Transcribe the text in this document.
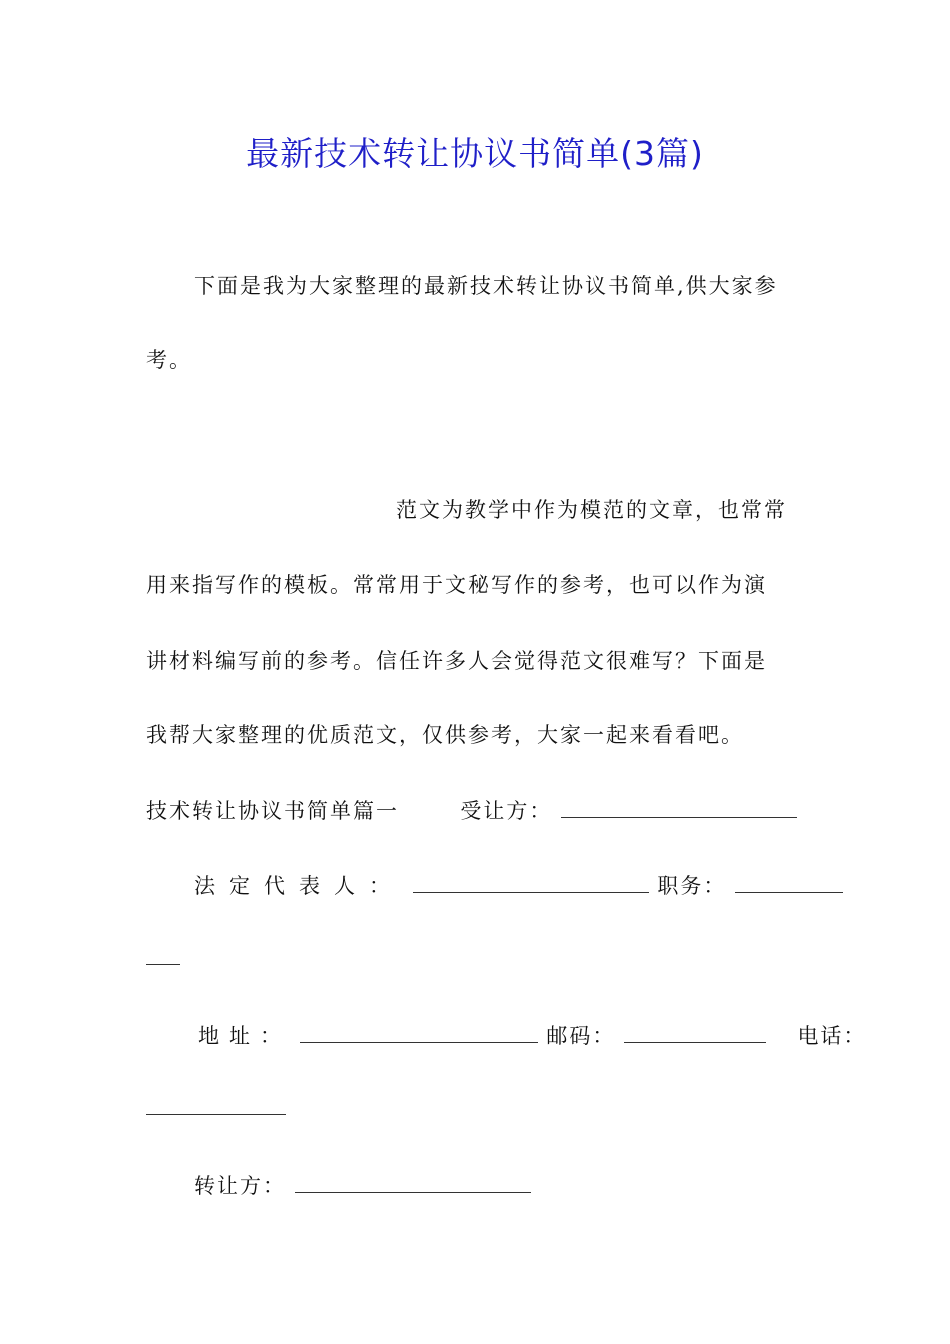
最新技术转让协议书简单(3篇)
下面是我为大家整理的最新技术转让协议书简单,供大家参
考。
范文为教学中作为模范的文章，也常常
用来指写作的模板。常常用于文秘写作的参考，也可以作为演
讲材料编写前的参考。信任许多人会觉得范文很难写？下面是
我帮大家整理的优质范文，仅供参考，大家一起来看看吧。
技术转让协议书简单篇一	受让方：
法定代表人：	职务：
地址：	邮码：	电话：
转让方：
